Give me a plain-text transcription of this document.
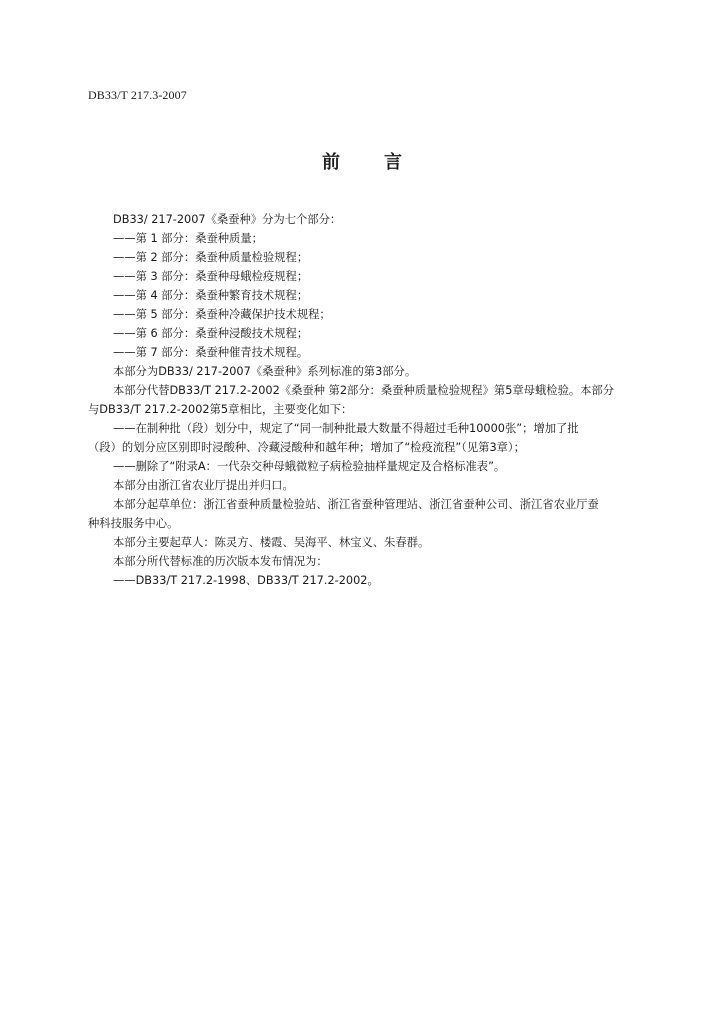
DB33/T 217.3-2007
前 言
DB33/ 217-2007《桑蚕种》分为七个部分：
——第 1 部分：桑蚕种质量；
——第 2 部分：桑蚕种质量检验规程；
——第 3 部分：桑蚕种母蛾检疫规程；
——第 4 部分：桑蚕种繁育技术规程；
——第 5 部分：桑蚕种冷藏保护技术规程；
——第 6 部分：桑蚕种浸酸技术规程；
——第 7 部分：桑蚕种催青技术规程。
本部分为DB33/ 217-2007《桑蚕种》系列标准的第3部分。
本部分代替DB33/T 217.2-2002《桑蚕种 第2部分：桑蚕种质量检验规程》第5章母蛾检验。本部分
与DB33/T 217.2-2002第5章相比，主要变化如下：
——在制种批（段）划分中，规定了“同一制种批最大数量不得超过毛种10000张”；增加了批
（段）的划分应区别即时浸酸种、冷藏浸酸种和越年种；增加了“检疫流程”（见第3章）；
——删除了“附录A：一代杂交种母蛾微粒子病检验抽样量规定及合格标准表”。
本部分由浙江省农业厅提出并归口。
本部分起草单位：浙江省蚕种质量检验站、浙江省蚕种管理站、浙江省蚕种公司、浙江省农业厅蚕
种科技服务中心。
本部分主要起草人：陈灵方、楼霞、吴海平、林宝义、朱春群。
本部分所代替标准的历次版本发布情况为：
——DB33/T 217.2-1998、DB33/T 217.2-2002。
